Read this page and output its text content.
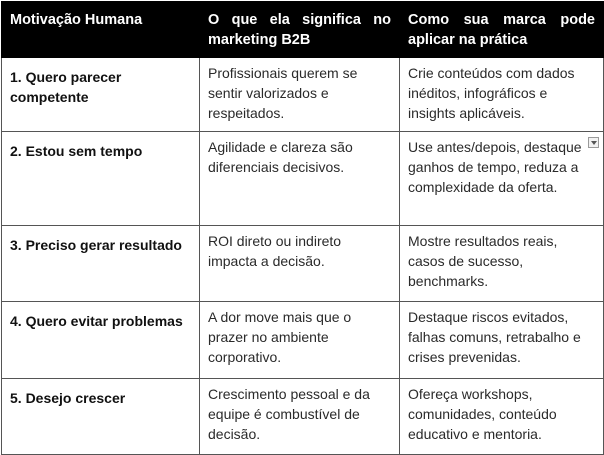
Motivação Humana	O que ela significa no marketing B2B	Como sua marca pode aplicar na prática
1. Quero parecer competente	Profissionais querem se sentir valorizados e respeitados.	Crie conteúdos com dados inéditos, infográficos e insights aplicáveis.
2. Estou sem tempo	Agilidade e clareza são diferenciais decisivos.	Use antes/depois, destaque ganhos de tempo, reduza a complexidade da oferta.

3. Preciso gerar resultado	ROI direto ou indireto impacta a decisão.	Mostre resultados reais, casos de sucesso, benchmarks.
4. Quero evitar problemas	A dor move mais que o prazer no ambiente corporativo.	Destaque riscos evitados, falhas comuns, retrabalho e crises prevenidas.
5. Desejo crescer	Crescimento pessoal e da equipe é combustível de decisão.	Ofereça workshops, comunidades, conteúdo educativo e mentoria.
